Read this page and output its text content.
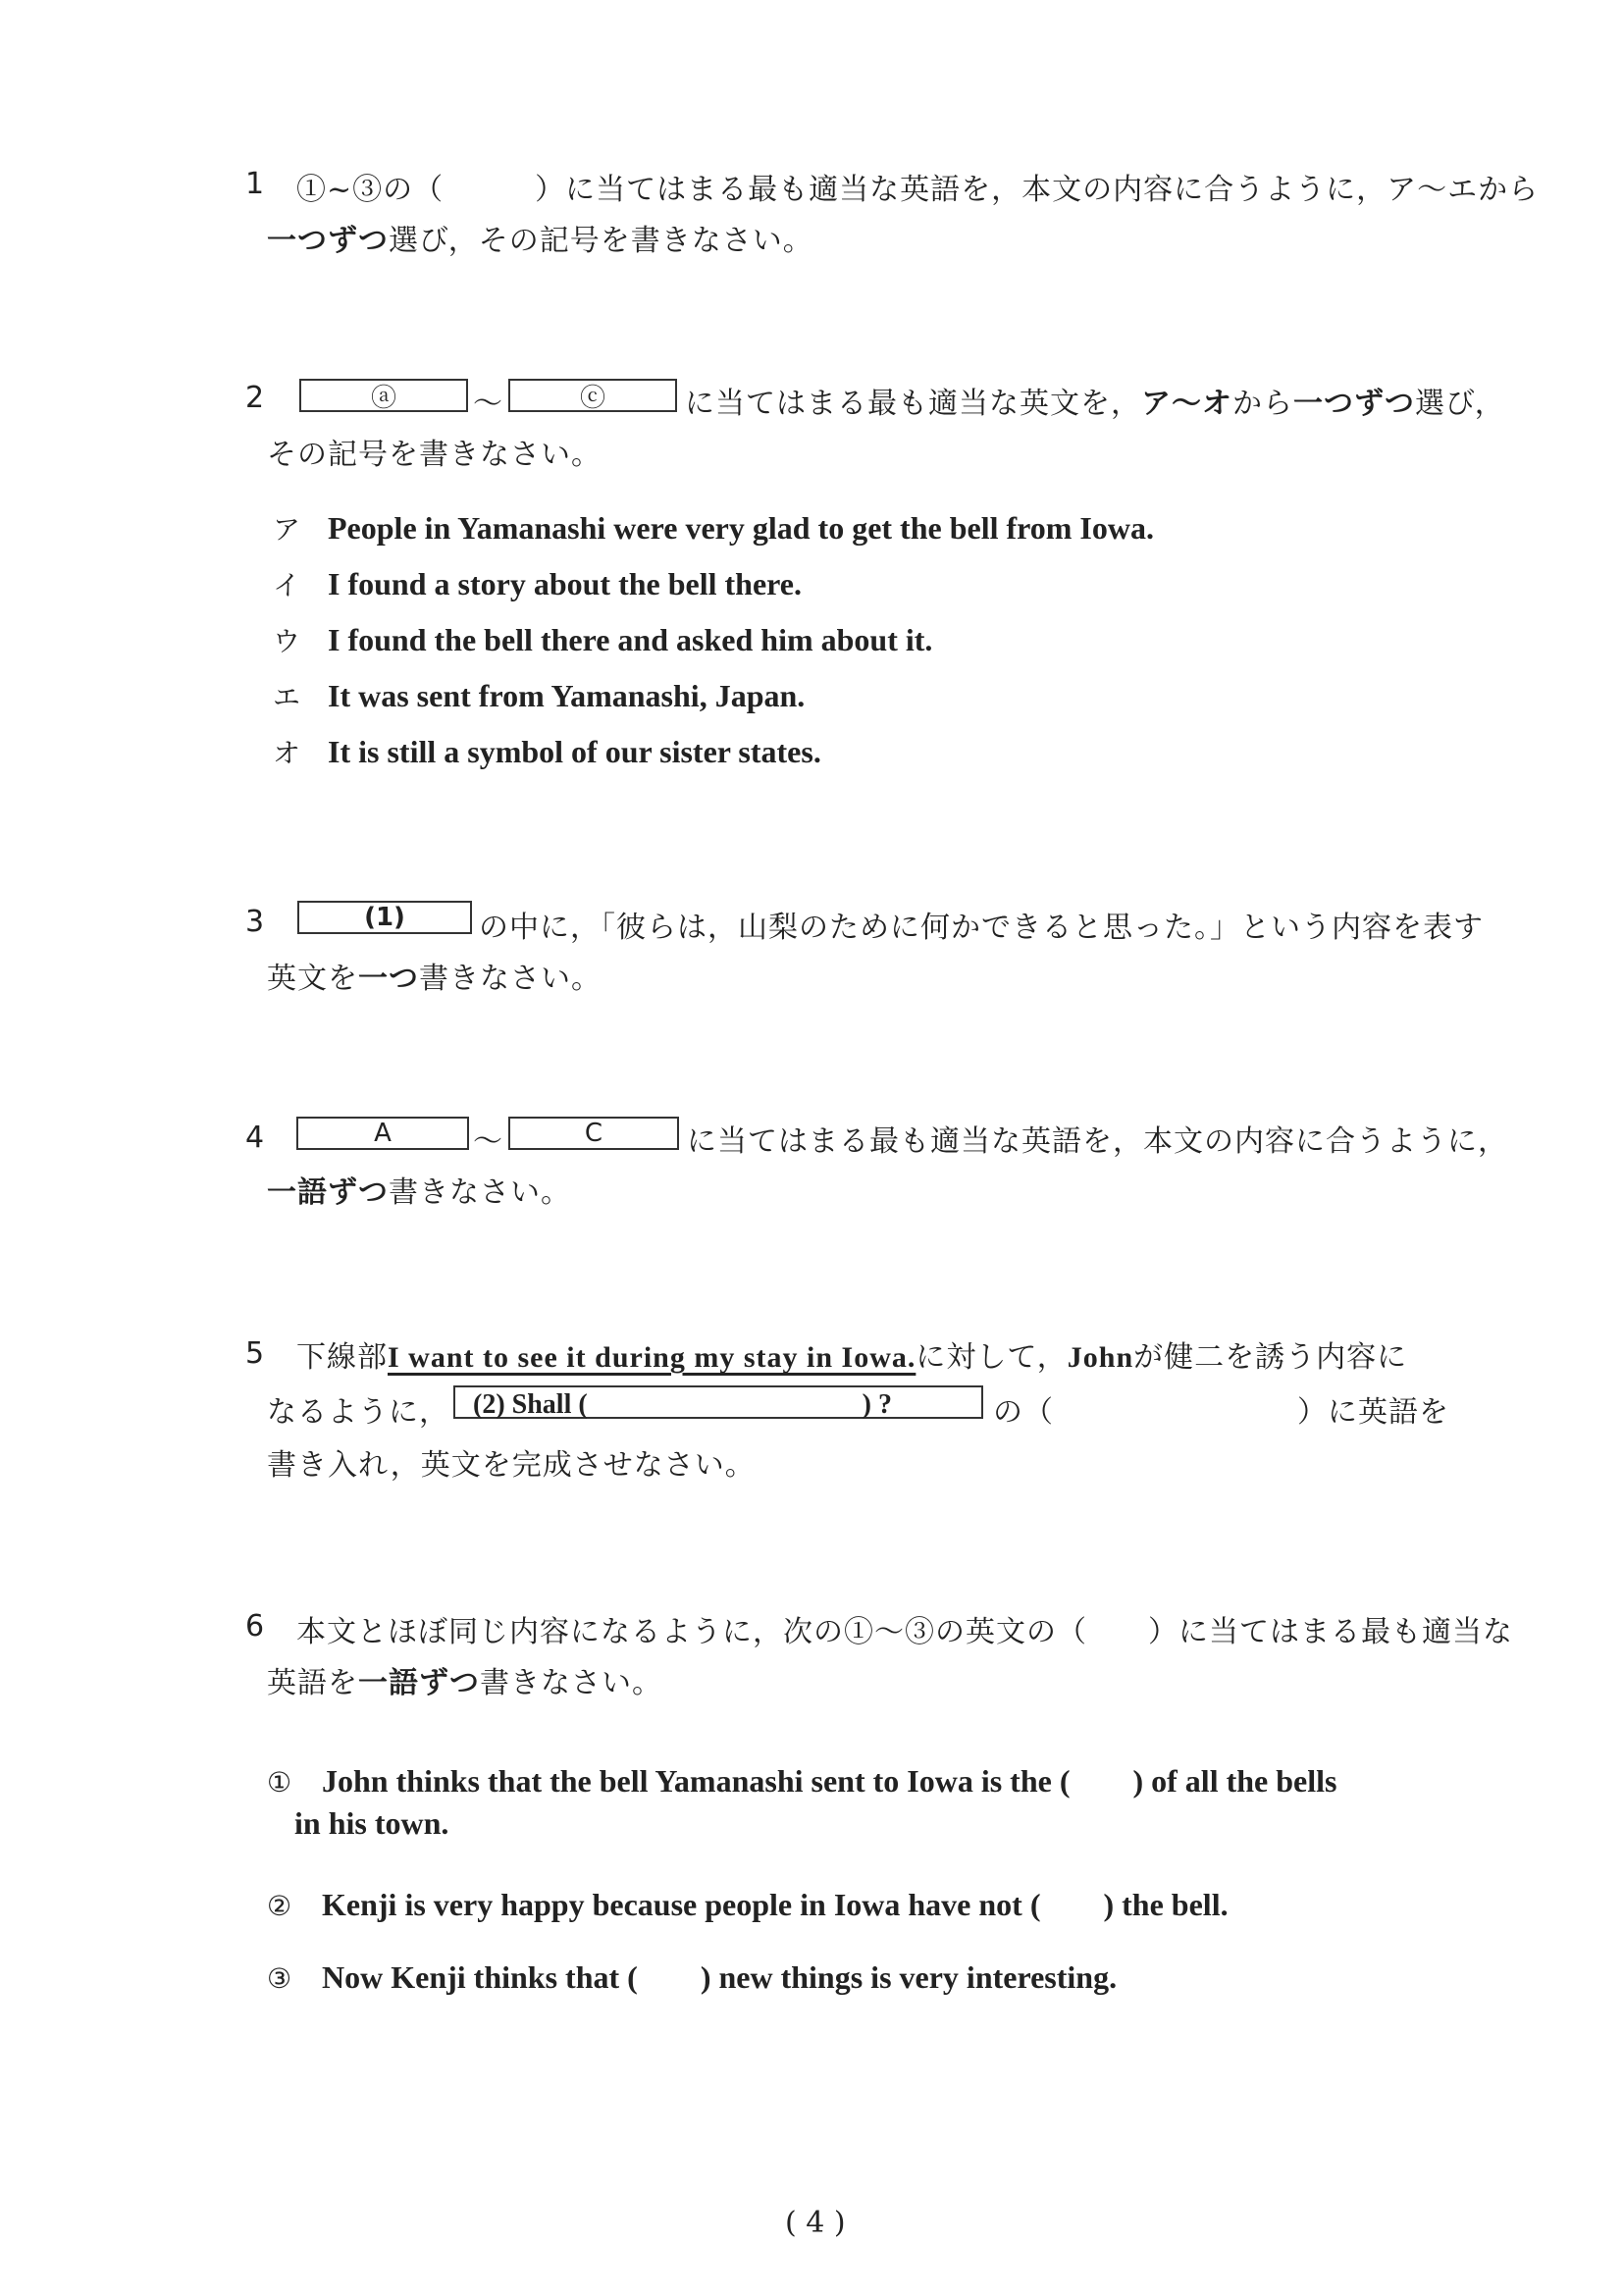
1 ①~③の（　　　）に当てはまる最も適当な英語を，本文の内容に合うように，ア～エから
一つずつ選び，その記号を書きなさい。
2	ⓐ	～	ⓒ	に当てはまる最も適当な英文を，ア～オから一つずつ選び，
その記号を書きなさい。
ア People in Yamanashi were very glad to get the bell from Iowa.
イ I found a story about the bell there.
ウ I found the bell there and asked him about it.
エ It was sent from Yamanashi, Japan.
オ It is still a symbol of our sister states.
3	(1)	の中に，「彼らは，山梨のために何かできると思った。」という内容を表す
英文を一つ書きなさい。
4	A	～	C	に当てはまる最も適当な英語を，本文の内容に合うように，
一語ずつ書きなさい。
5 下線部I want to see it during my stay in Iowa.に対して，Johnが健二を誘う内容に
なるように， (2) Shall (　　　　　　　　　　) ?	の（　　　　　　　　）に英語を
書き入れ，英文を完成させなさい。
6 本文とほぼ同じ内容になるように，次の①～③の英文の（　　）に当てはまる最も適当な
英語を一語ずつ書きなさい。
① John thinks that the bell Yamanashi sent to Iowa is the (　　) of all the bells
in his town.
② Kenji is very happy because people in Iowa have not (　　) the bell.
③ Now Kenji thinks that (　　) new things is very interesting.
( 4 )
